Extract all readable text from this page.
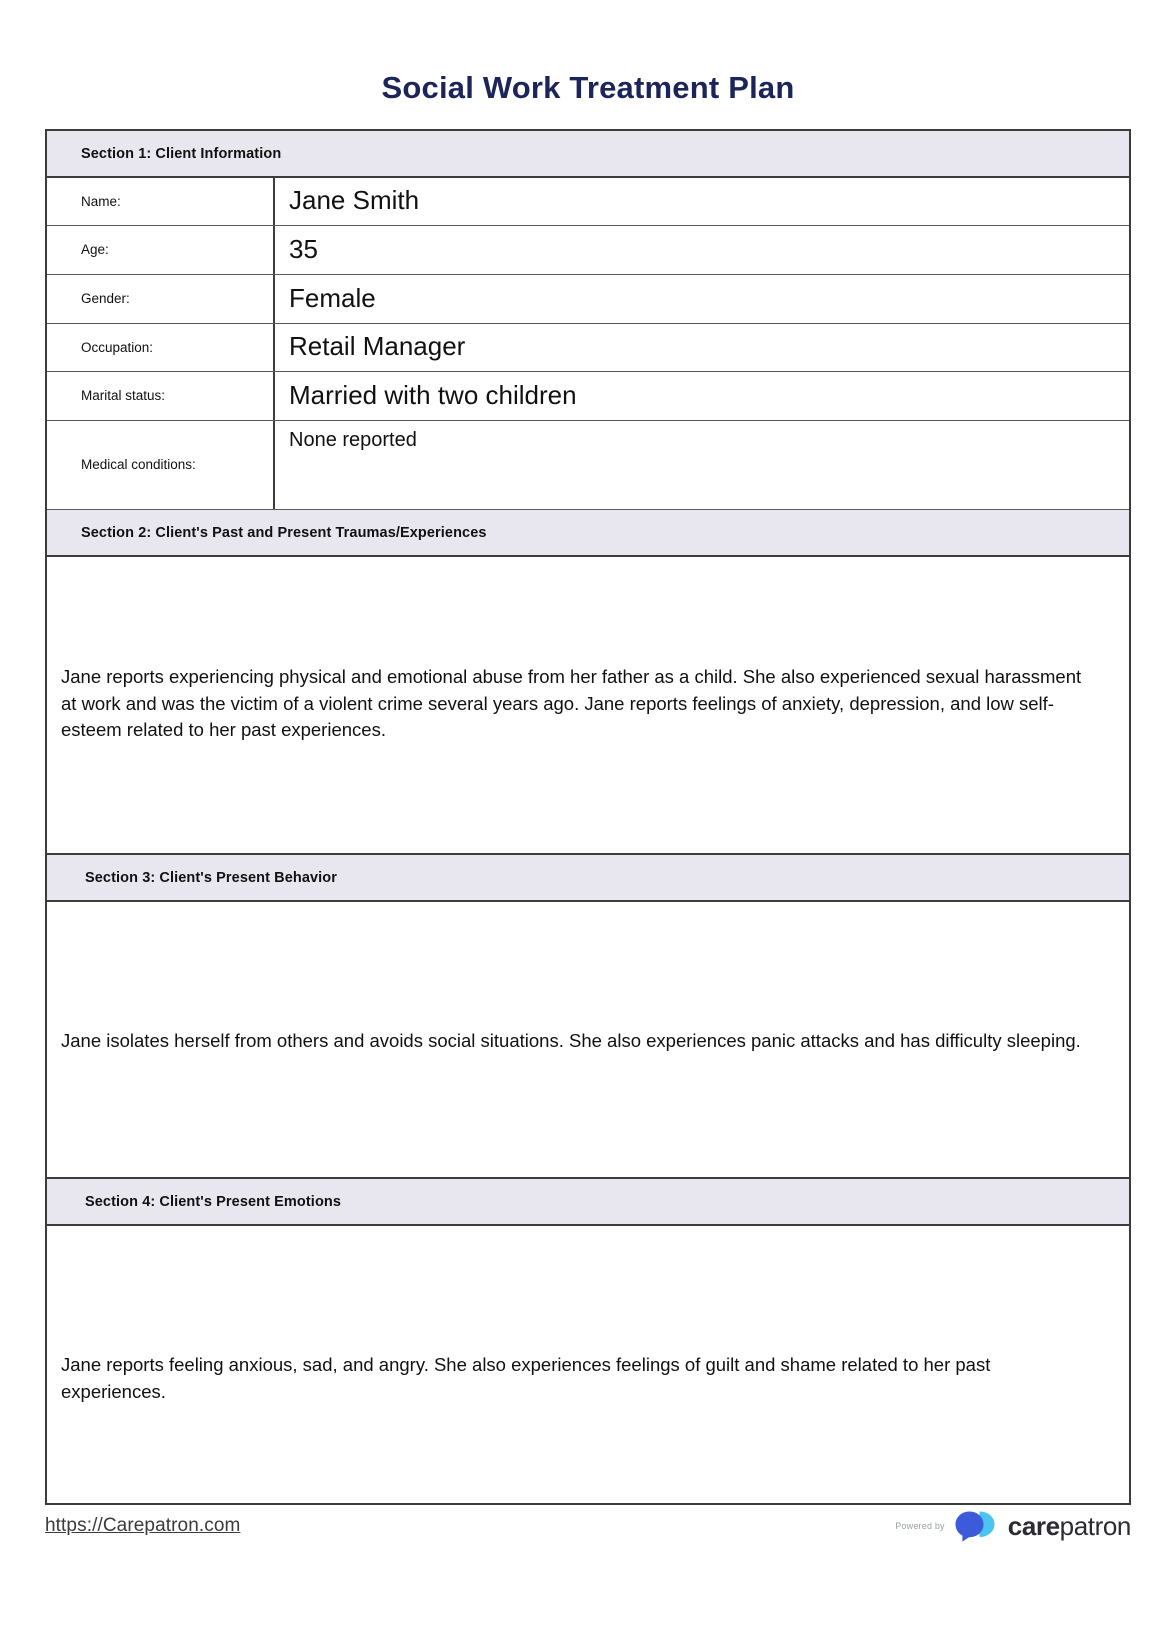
Social Work Treatment Plan
Section 1: Client Information
Name:	Jane Smith
Age:	35
Gender:	Female
Occupation:	Retail Manager
Marital status:	Married with two children
Medical conditions:
None reported
Section 2: Client's Past and Present Traumas/Experiences

Jane reports experiencing physical and emotional abuse from her father as a child. She also experienced sexual harassment at work and was the victim of a violent crime several years ago. Jane reports feelings of anxiety, depression, and low self-esteem related to her past experiences.

Section 3: Client's Present Behavior

Jane isolates herself from others and avoids social situations. She also experiences panic attacks and has difficulty sleeping.

Section 4: Client's Present Emotions

Jane reports feeling anxious, sad, and angry. She also experiences feelings of guilt and shame related to her past experiences.

https://Carepatron.com	Powered by carepatron
